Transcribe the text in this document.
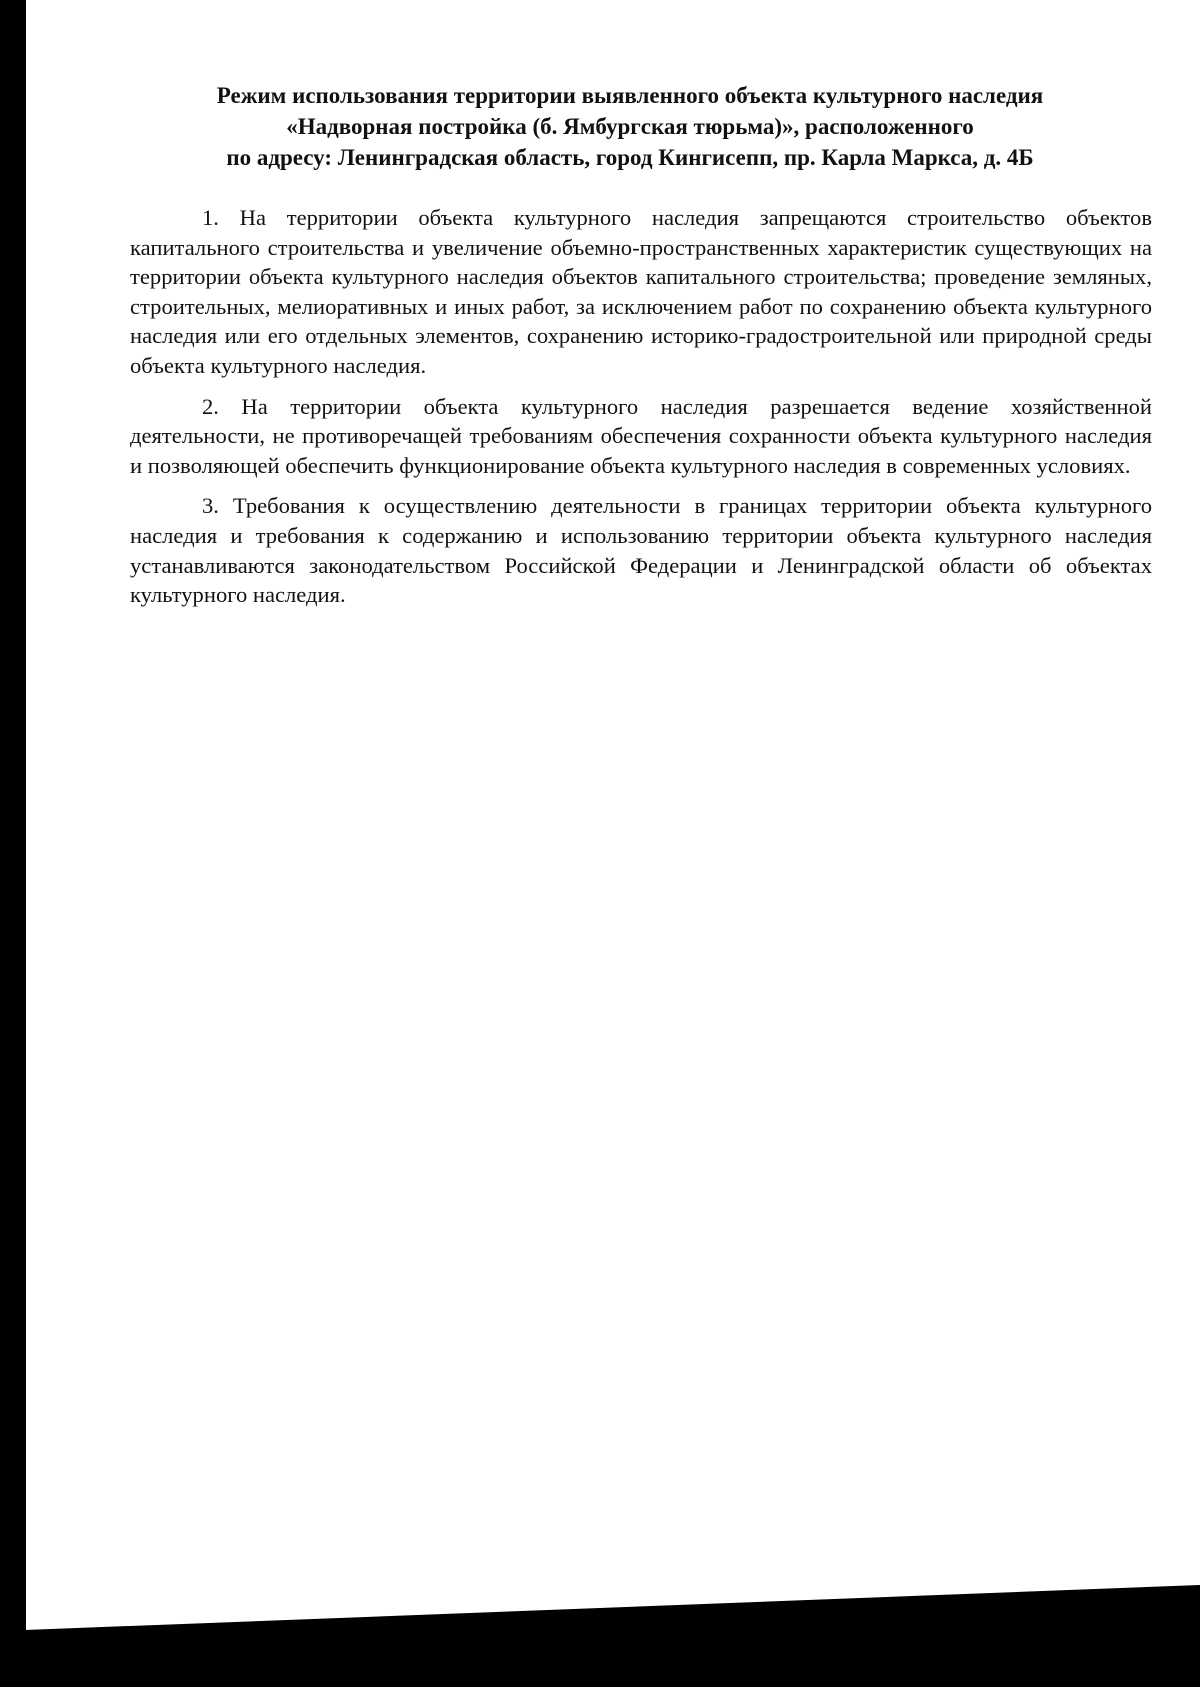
Режим использования территории выявленного объекта культурного наследия
«Надворная постройка (б. Ямбургская тюрьма)», расположенного
по адресу: Ленинградская область, город Кингисепп, пр. Карла Маркса, д. 4Б

1. На территории объекта культурного наследия запрещаются строительство объектов капитального строительства и увеличение объемно-пространственных характеристик существующих на территории объекта культурного наследия объектов капитального строительства; проведение земляных, строительных, мелиоративных и иных работ, за исключением работ по сохранению объекта культурного наследия или его отдельных элементов, сохранению историко-градостроительной или природной среды объекта культурного наследия.

2. На территории объекта культурного наследия разрешается ведение хозяйственной деятельности, не противоречащей требованиям обеспечения сохранности объекта культурного наследия и позволяющей обеспечить функционирование объекта культурного наследия в современных условиях.

3. Требования к осуществлению деятельности в границах территории объекта культурного наследия и требования к содержанию и использованию территории объекта культурного наследия устанавливаются законодательством Российской Федерации и Ленинградской области об объектах культурного наследия.
